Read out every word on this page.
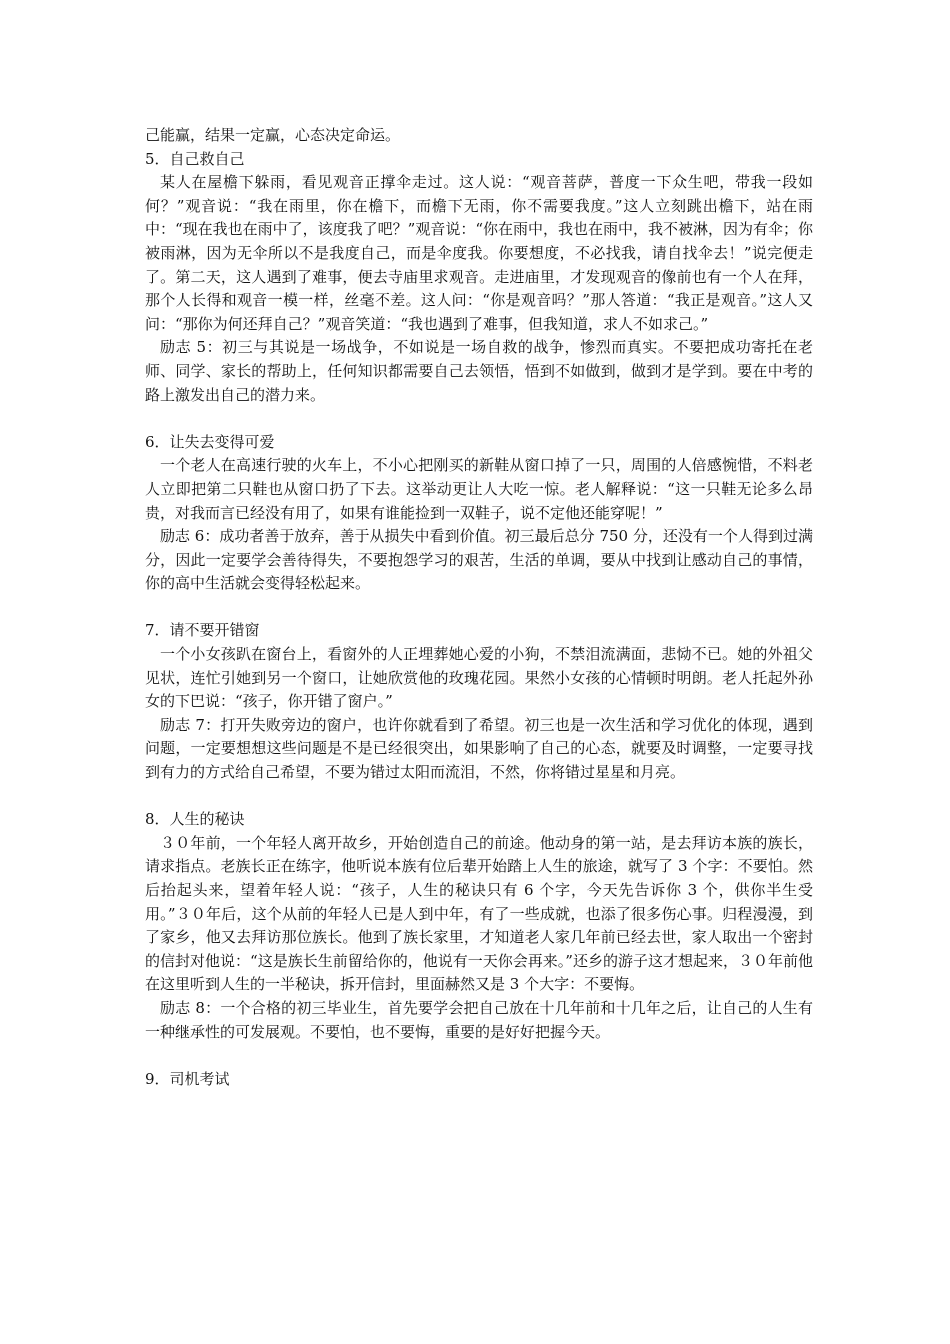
己能赢，结果一定赢，心态决定命运。

5．自己救自己

某人在屋檐下躲雨，看见观音正撑伞走过。这人说：“观音菩萨，普度一下众生吧，带我一段如何？”观音说：“我在雨里，你在檐下，而檐下无雨，你不需要我度。”这人立刻跳出檐下，站在雨中：“现在我也在雨中了，该度我了吧？”观音说：“你在雨中，我也在雨中，我不被淋，因为有伞；你被雨淋，因为无伞所以不是我度自己，而是伞度我。你要想度，不必找我，请自找伞去！”说完便走了。第二天，这人遇到了难事，便去寺庙里求观音。走进庙里，才发现观音的像前也有一个人在拜，那个人长得和观音一模一样，丝毫不差。这人问：“你是观音吗？”那人答道：“我正是观音。”这人又问：“那你为何还拜自己？”观音笑道：“我也遇到了难事，但我知道，求人不如求己。”

励志 5：初三与其说是一场战争，不如说是一场自救的战争，惨烈而真实。不要把成功寄托在老师、同学、家长的帮助上，任何知识都需要自己去领悟，悟到不如做到，做到才是学到。要在中考的路上激发出自己的潜力来。

6．让失去变得可爱

一个老人在高速行驶的火车上，不小心把刚买的新鞋从窗口掉了一只，周围的人倍感惋惜，不料老人立即把第二只鞋也从窗口扔了下去。这举动更让人大吃一惊。老人解释说：“这一只鞋无论多么昂贵，对我而言已经没有用了，如果有谁能捡到一双鞋子，说不定他还能穿呢！”

励志 6：成功者善于放弃，善于从损失中看到价值。初三最后总分 750 分，还没有一个人得到过满分，因此一定要学会善待得失，不要抱怨学习的艰苦，生活的单调，要从中找到让感动自己的事情，你的高中生活就会变得轻松起来。

7．请不要开错窗

一个小女孩趴在窗台上，看窗外的人正埋葬她心爱的小狗，不禁泪流满面，悲恸不已。她的外祖父见状，连忙引她到另一个窗口，让她欣赏他的玫瑰花园。果然小女孩的心情顿时明朗。老人托起外孙女的下巴说：“孩子，你开错了窗户。”

励志 7：打开失败旁边的窗户，也许你就看到了希望。初三也是一次生活和学习优化的体现，遇到问题，一定要想想这些问题是不是已经很突出，如果影响了自己的心态，就要及时调整，一定要寻找到有力的方式给自己希望，不要为错过太阳而流泪，不然，你将错过星星和月亮。

8．人生的秘诀

３０年前，一个年轻人离开故乡，开始创造自己的前途。他动身的第一站，是去拜访本族的族长，请求指点。老族长正在练字，他听说本族有位后辈开始踏上人生的旅途，就写了 3 个字：不要怕。然后抬起头来，望着年轻人说：“孩子，人生的秘诀只有 6 个字，今天先告诉你 3 个，供你半生受用。”３０年后，这个从前的年轻人已是人到中年，有了一些成就，也添了很多伤心事。归程漫漫，到了家乡，他又去拜访那位族长。他到了族长家里，才知道老人家几年前已经去世，家人取出一个密封的信封对他说：“这是族长生前留给你的，他说有一天你会再来。”还乡的游子这才想起来，３０年前他在这里听到人生的一半秘诀，拆开信封，里面赫然又是 3 个大字：不要悔。

励志 8：一个合格的初三毕业生，首先要学会把自己放在十几年前和十几年之后，让自己的人生有一种继承性的可发展观。不要怕，也不要悔，重要的是好好把握今天。

9．司机考试
